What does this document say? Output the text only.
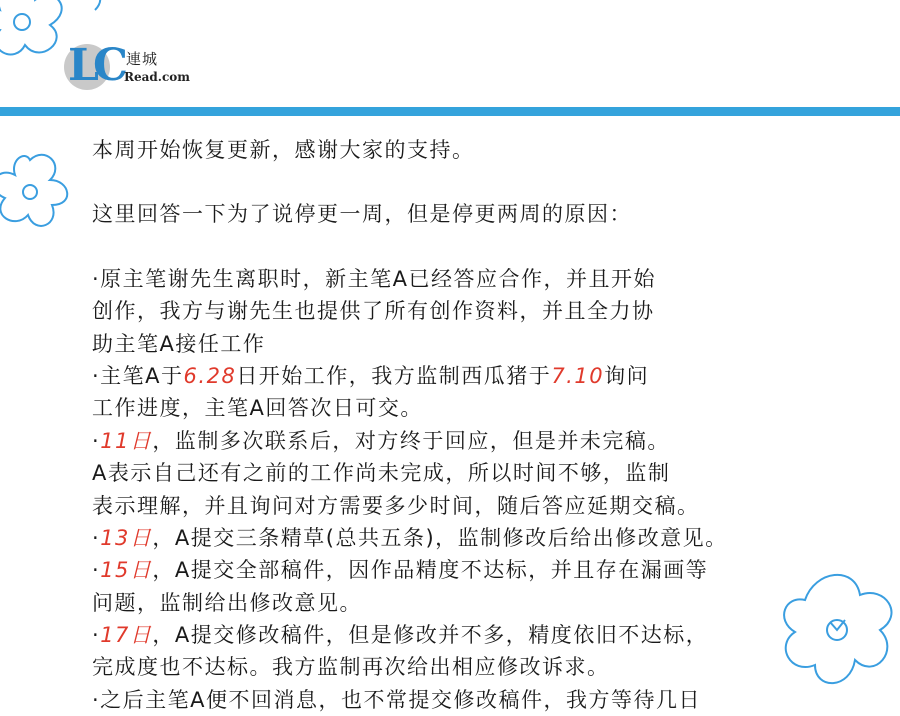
LC 連城
Read.com
本周开始恢复更新，感谢大家的支持。
这里回答一下为了说停更一周，但是停更两周的原因：
·原主笔谢先生离职时，新主笔A已经答应合作，并且开始
创作，我方与谢先生也提供了所有创作资料，并且全力协
助主笔A接任工作
·主笔A于6.28日开始工作，我方监制西瓜猪于7.10询问
工作进度，主笔A回答次日可交。
·11日，监制多次联系后，对方终于回应，但是并未完稿。
A表示自己还有之前的工作尚未完成，所以时间不够，监制
表示理解，并且询问对方需要多少时间，随后答应延期交稿。
·13日，A提交三条精草(总共五条)，监制修改后给出修改意见。
·15日，A提交全部稿件，因作品精度不达标，并且存在漏画等
问题，监制给出修改意见。
·17日，A提交修改稿件，但是修改并不多，精度依旧不达标，
完成度也不达标。我方监制再次给出相应修改诉求。
·之后主笔A便不回消息，也不常提交修改稿件，我方等待几日
